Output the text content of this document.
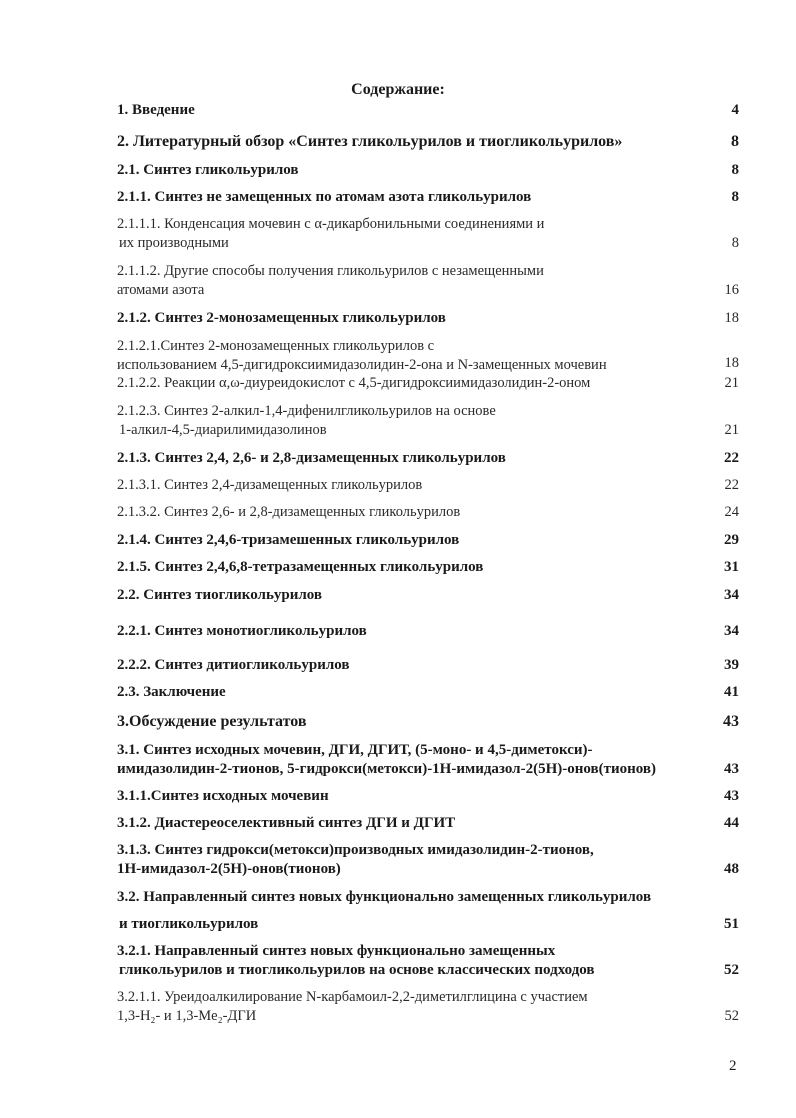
Содержание:
1. Введение	4
2. Литературный обзор «Синтез гликольурилов и тиогликольурилов»	8
2.1. Синтез гликольурилов	8
2.1.1. Синтез не замещенных по атомам азота гликольурилов	8
2.1.1.1. Конденсация мочевин с α-дикарбонильными соединениями и
их производными	8
2.1.1.2. Другие способы получения гликольурилов с незамещенными
атомами азота	16
2.1.2. Синтез 2-монозамещенных гликольурилов	18
2.1.2.1.Синтез 2-монозамещенных гликольурилов с
использованием 4,5-дигидроксиимидазолидин-2-она и N-замещенных мочевин	18
2.1.2.2. Реакции α,ω-диуреидокислот с 4,5-дигидроксиимидазолидин-2-оном	21
2.1.2.3. Синтез 2-алкил-1,4-дифенилгликольурилов на основе
1-алкил-4,5-диарилимидазолинов	21
2.1.3. Синтез 2,4, 2,6- и 2,8-дизамещенных гликольурилов	22
2.1.3.1. Синтез 2,4-дизамещенных гликольурилов	22
2.1.3.2. Синтез 2,6- и 2,8-дизамещенных гликольурилов	24
2.1.4. Синтез 2,4,6-тризамешенных гликольурилов	29
2.1.5. Синтез 2,4,6,8-тетразамещенных гликольурилов	31
2.2. Синтез тиогликольурилов	34
2.2.1. Синтез монотиогликольурилов	34
2.2.2. Синтез дитиогликольурилов	39
2.3. Заключение	41
3.Обсуждение результатов	43
3.1. Синтез исходных мочевин, ДГИ, ДГИТ, (5-моно- и 4,5-диметокси)-
имидазолидин-2-тионов, 5-гидрокси(метокси)-1H-имидазол-2(5H)-онов(тионов)	43
3.1.1.Синтез исходных мочевин	43
3.1.2. Диастереоселективный синтез ДГИ и ДГИТ	44
3.1.3. Синтез гидрокси(метокси)производных имидазолидин-2-тионов,
1H-имидазол-2(5H)-онов(тионов)	48
3.2. Направленный синтез новых функционально замещенных гликольурилов
и тиогликольурилов	51
3.2.1. Направленный синтез новых функционально замещенных
гликольурилов и тиогликольурилов на основе классических подходов	52
3.2.1.1. Уреидоалкилирование N-карбамоил-2,2-диметилглицина с участием
1,3-H₂- и 1,3-Me₂-ДГИ	52
2
